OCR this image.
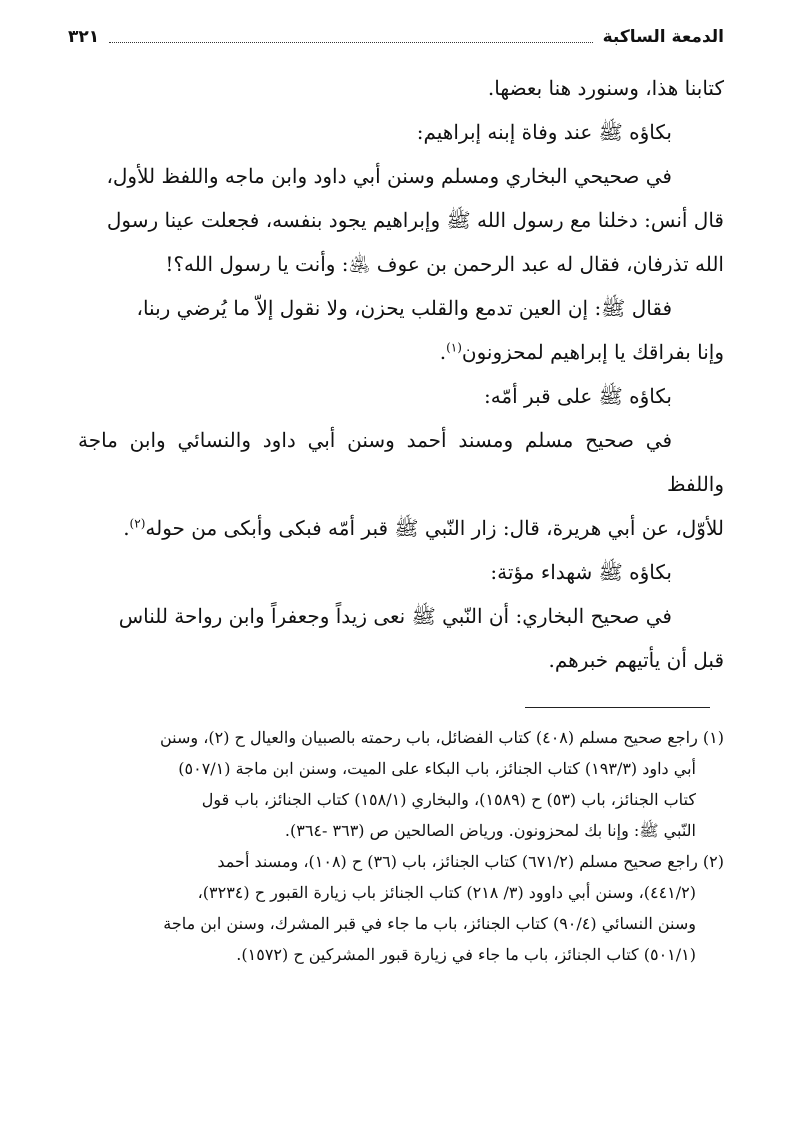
الدمعة الساكبة
٣٢١

كتابنا هذا، وسنورد هنا بعضها.

بكاؤه ﷺ عند وفاة إبنه إبراهيم:

في صحيحي البخاري ومسلم وسنن أبي داود وابن ماجه واللفظ للأول،

قال أنس: دخلنا مع رسول الله ﷺ وإبراهيم يجود بنفسه، فجعلت عينا رسول

الله تذرفان، فقال له عبد الرحمن بن عوف ﵁: وأنت يا رسول الله؟!

فقال ﷺ: إن العين تدمع والقلب يحزن، ولا نقول إلاّ ما يُرضي ربنا،

وإنا بفراقك يا إبراهيم لمحزونون$^{(١)}$.

بكاؤه ﷺ على قبر أمّه:

في صحيح مسلم ومسند أحمد وسنن أبي داود والنسائي وابن ماجة واللفظ

للأوّل، عن أبي هريرة، قال: زار النّبي ﷺ قبر أمّه فبكى وأبكى من حوله$^{(٢)}$.

بكاؤه ﷺ شهداء مؤتة:

في صحيح البخاري: أن النّبي ﷺ نعى زيداً وجعفراً وابن رواحة للناس

قبل أن يأتيهم خبرهم.

(١) راجع صحيح مسلم (٤٠٨) كتاب الفضائل، باب رحمته بالصبيان والعيال ح (٢)، وسنن

أبي داود (١٩٣/٣) كتاب الجنائز، باب البكاء على الميت، وسنن ابن ماجة (٥٠٧/١)

كتاب الجنائز، باب (٥٣) ح (١٥٨٩)، والبخاري (١٥٨/١) كتاب الجنائز، باب قول

النّبي ﷺ: وإنا بك لمحزونون. ورياض الصالحين ص (٣٦٣ -٣٦٤).

(٢) راجع صحيح مسلم (٦٧١/٢) كتاب الجنائز، باب (٣٦) ح (١٠٨)، ومسند أحمد

(٤٤١/٢)، وسنن أبي داوود (٣/ ٢١٨) كتاب الجنائز باب زيارة القبور ح (٣٢٣٤)،

وسنن النسائي (٩٠/٤) كتاب الجنائز، باب ما جاء في قبر المشرك، وسنن ابن ماجة

(٥٠١/١) كتاب الجنائز، باب ما جاء في زيارة قبور المشركين ح (١٥٧٢).
